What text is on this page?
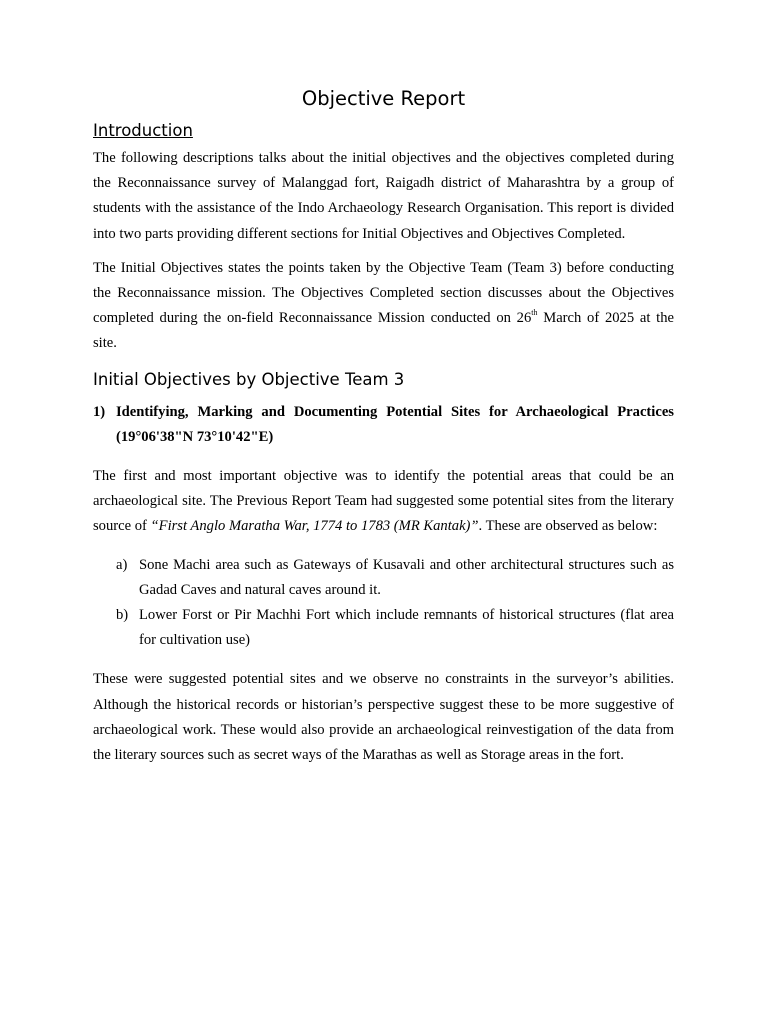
Objective Report
Introduction

The following descriptions talks about the initial objectives and the objectives completed during the Reconnaissance survey of Malanggad fort, Raigadh district of Maharashtra by a group of students with the assistance of the Indo Archaeology Research Organisation. This report is divided into two parts providing different sections for Initial Objectives and Objectives Completed.

The Initial Objectives states the points taken by the Objective Team (Team 3) before conducting the Reconnaissance mission. The Objectives Completed section discusses about the Objectives completed during the on-field Reconnaissance Mission conducted on 26th March of 2025 at the site.

Initial Objectives by Objective Team 3
1) Identifying, Marking and Documenting Potential Sites for Archaeological Practices (19°06'38"N 73°10'42"E)

The first and most important objective was to identify the potential areas that could be an archaeological site. The Previous Report Team had suggested some potential sites from the literary source of “First Anglo Maratha War, 1774 to 1783 (MR Kantak)”. These are observed as below:

a) Sone Machi area such as Gateways of Kusavali and other architectural structures such as Gadad Caves and natural caves around it.
b) Lower Forst or Pir Machhi Fort which include remnants of historical structures (flat area for cultivation use)

These were suggested potential sites and we observe no constraints in the surveyor’s abilities. Although the historical records or historian’s perspective suggest these to be more suggestive of archaeological work. These would also provide an archaeological reinvestigation of the data from the literary sources such as secret ways of the Marathas as well as Storage areas in the fort.
